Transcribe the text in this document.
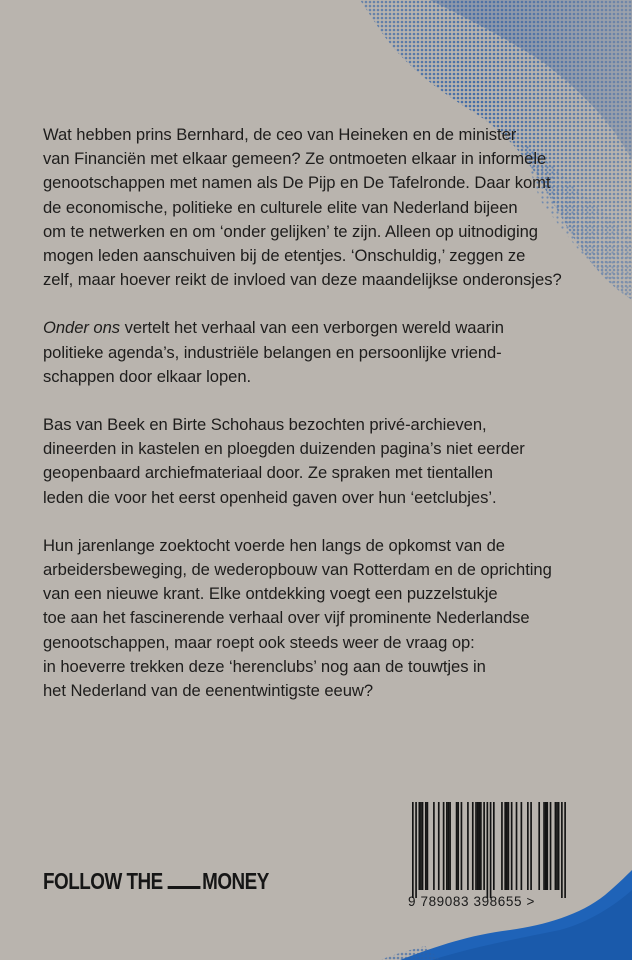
Wat hebben prins Bernhard, de ceo van Heineken en de minister
van Financiën met elkaar gemeen? Ze ontmoeten elkaar in informele
genootschappen met namen als De Pijp en De Tafelronde. Daar komt
de economische, politieke en culturele elite van Nederland bijeen
om te netwerken en om ‘onder gelijken’ te zijn. Alleen op uitnodiging
mogen leden aanschuiven bij de etentjes. ‘Onschuldig,’ zeggen ze
zelf, maar hoever reikt de invloed van deze maandelijkse onderonsjes?

Onder ons vertelt het verhaal van een verborgen wereld waarin
politieke agenda’s, industriële belangen en persoonlijke vriend-
schappen door elkaar lopen.

Bas van Beek en Birte Schohaus bezochten privé-archieven,
dineerden in kastelen en ploegden duizenden pagina’s niet eerder
geopenbaard archiefmateriaal door. Ze spraken met tientallen
leden die voor het eerst openheid gaven over hun ‘eetclubjes’.

Hun jarenlange zoektocht voerde hen langs de opkomst van de
arbeidersbeweging, de wederopbouw van Rotterdam en de oprichting
van een nieuwe krant. Elke ontdekking voegt een puzzelstukje
toe aan het fascinerende verhaal over vijf prominente Nederlandse
genootschappen, maar roept ook steeds weer de vraag op:
in hoeverre trekken deze ‘herenclubs’ nog aan de touwtjes in
het Nederland van de eenentwintigste eeuw?

FOLLOW THE MONEY
9 789083 398655 >
